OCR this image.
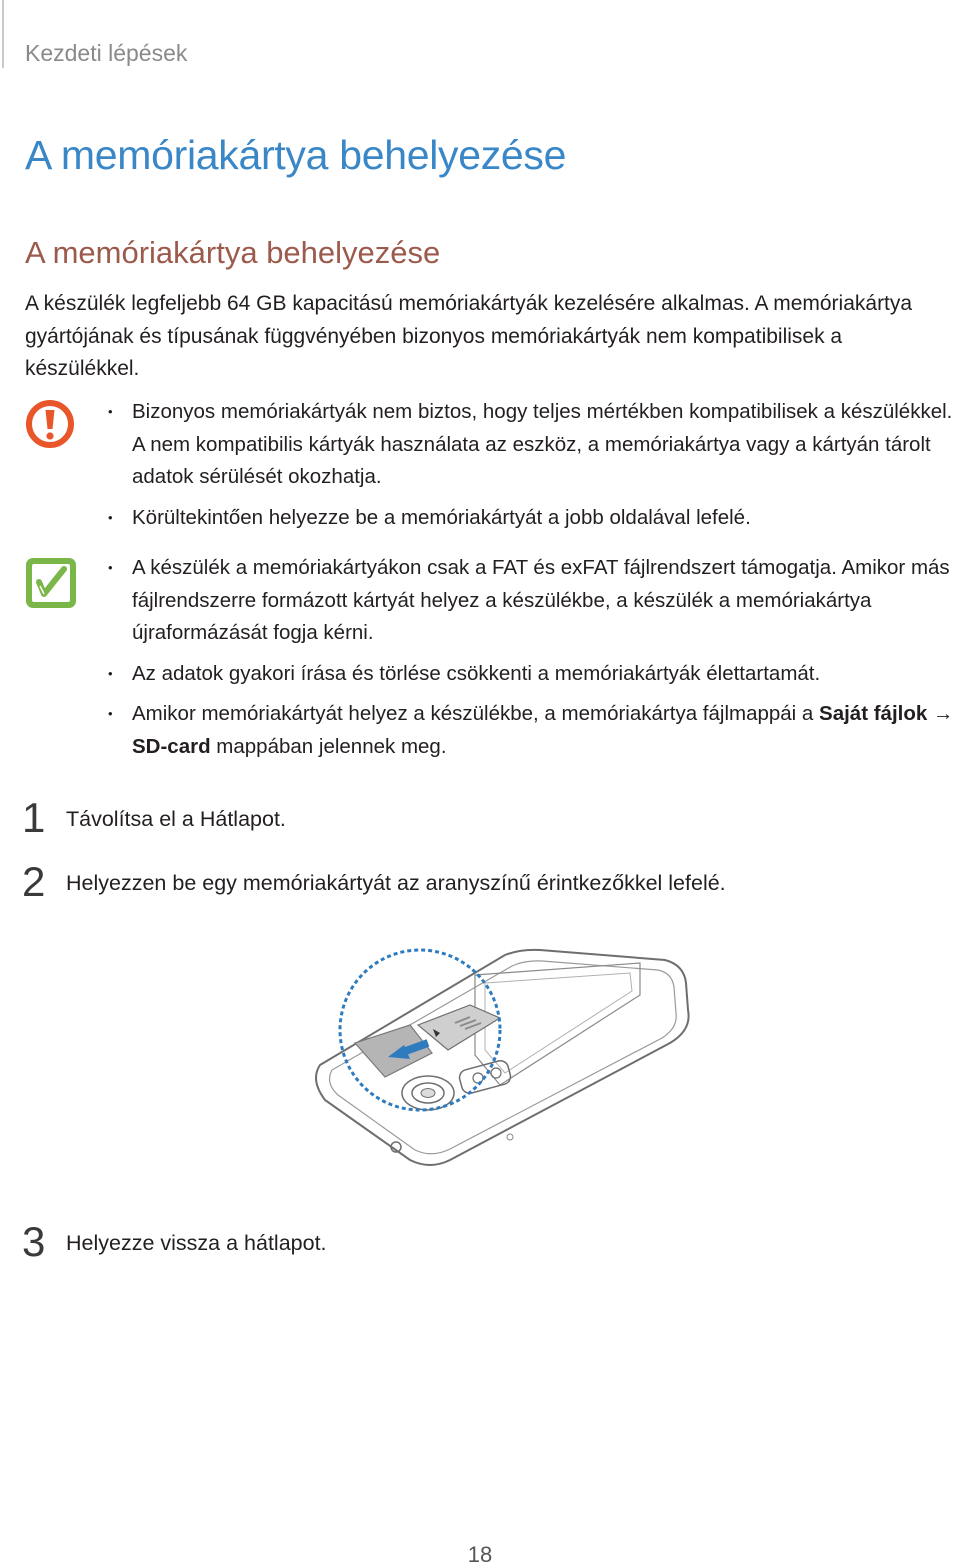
Kezdeti lépések
A memóriakártya behelyezése
A memóriakártya behelyezése

A készülék legfeljebb 64 GB kapacitású memóriakártyák kezelésére alkalmas. A memóriakártya gyártójának és típusának függvényében bizonyos memóriakártyák nem kompatibilisek a készülékkel.

• Bizonyos memóriakártyák nem biztos, hogy teljes mértékben kompatibilisek a készülékkel. A nem kompatibilis kártyák használata az eszköz, a memóriakártya vagy a kártyán tárolt adatok sérülését okozhatja.
• Körültekintően helyezze be a memóriakártyát a jobb oldalával lefelé.
• A készülék a memóriakártyákon csak a FAT és exFAT fájlrendszert támogatja. Amikor más fájlrendszerre formázott kártyát helyez a készülékbe, a készülék a memóriakártya újraformázását fogja kérni.
• Az adatok gyakori írása és törlése csökkenti a memóriakártyák élettartamát.
• Amikor memóriakártyát helyez a készülékbe, a memóriakártya fájlmappái a Saját fájlok → SD-card mappában jelennek meg.
1 Távolítsa el a Hátlapot.
2 Helyezzen be egy memóriakártyát az aranyszínű érintkezőkkel lefelé.
3 Helyezze vissza a hátlapot.
18
